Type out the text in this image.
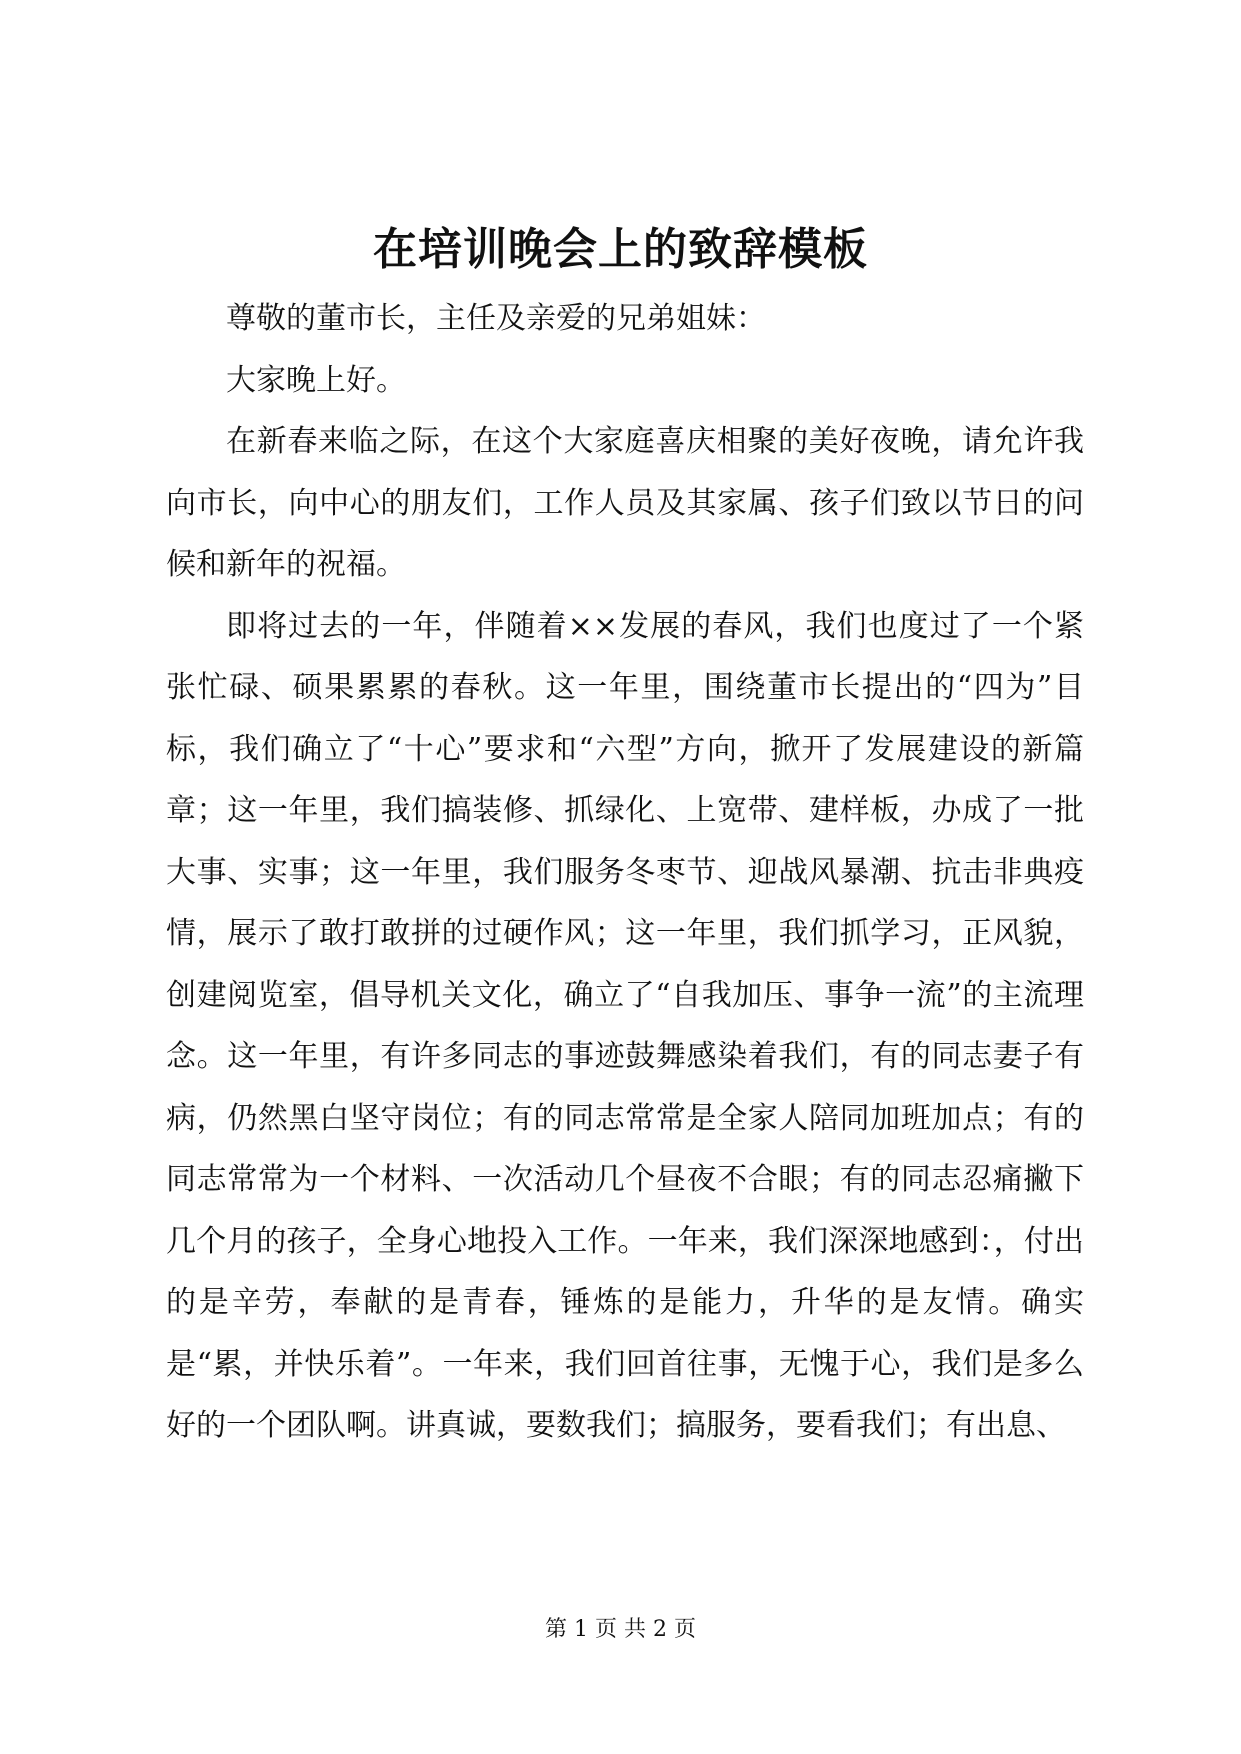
在培训晚会上的致辞模板

尊敬的董市长，主任及亲爱的兄弟姐妹：

大家晚上好。

在新春来临之际，在这个大家庭喜庆相聚的美好夜晚，请允许我向市长，向中心的朋友们，工作人员及其家属、孩子们致以节日的问候和新年的祝福。

即将过去的一年，伴随着××发展的春风，我们也度过了一个紧张忙碌、硕果累累的春秋。这一年里，围绕董市长提出的“四为”目标，我们确立了“十心”要求和“六型”方向，掀开了发展建设的新篇章；这一年里，我们搞装修、抓绿化、上宽带、建样板，办成了一批大事、实事；这一年里，我们服务冬枣节、迎战风暴潮、抗击非典疫情，展示了敢打敢拼的过硬作风；这一年里，我们抓学习，正风貌，创建阅览室，倡导机关文化，确立了“自我加压、事争一流”的主流理念。这一年里，有许多同志的事迹鼓舞感染着我们，有的同志妻子有病，仍然黑白坚守岗位；有的同志常常是全家人陪同加班加点；有的同志常常为一个材料、一次活动几个昼夜不合眼；有的同志忍痛撇下几个月的孩子，全身心地投入工作。一年来，我们深深地感到：，付出的是辛劳，奉献的是青春，锤炼的是能力，升华的是友情。确实是“累，并快乐着”。一年来，我们回首往事，无愧于心，我们是多么好的一个团队啊。讲真诚，要数我们；搞服务，要看我们；有出息、

第 1 页 共 2 页
